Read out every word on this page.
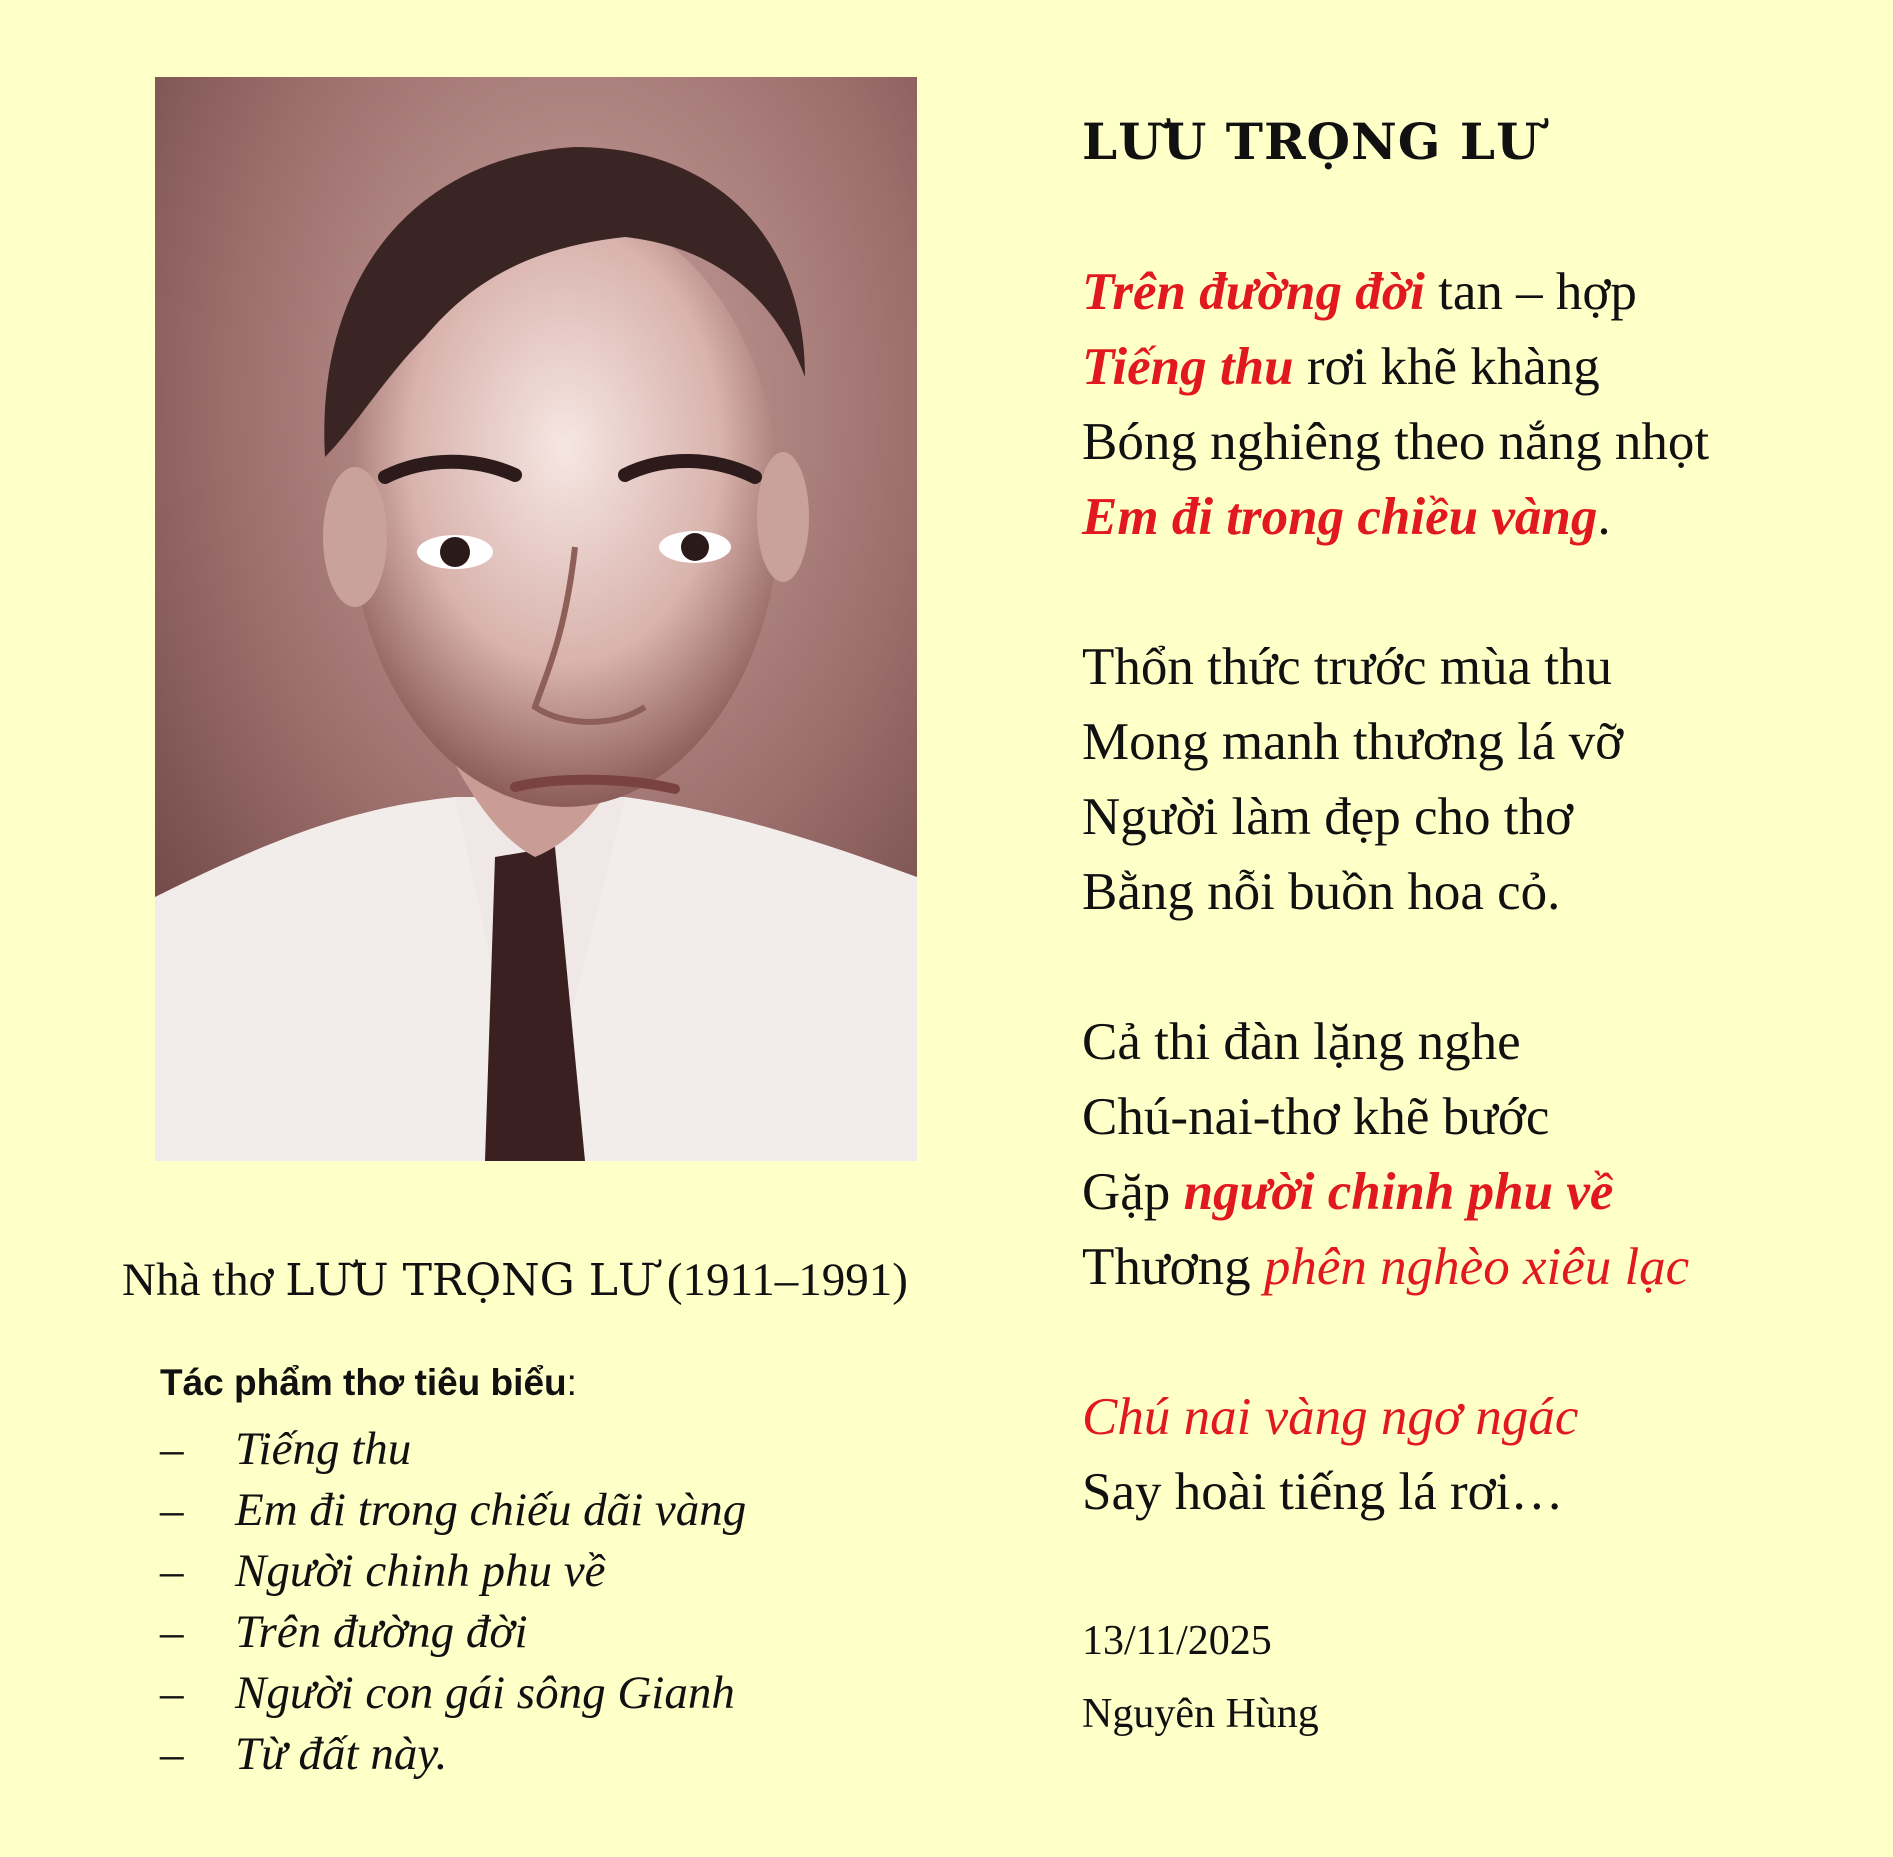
Nhà thơ LƯU TRỌNG LƯ (1911–1991)
Tác phẩm thơ tiêu biểu:
–	Tiếng thu
–	Em đi trong chiếu dãi vàng
–	Người chinh phu về
–	Trên đường đời
–	Người con gái sông Gianh
–	Từ đất này.
LƯU TRỌNG LƯ
Trên đường đời tan – hợp
Tiếng thu rơi khẽ khàng
Bóng nghiêng theo nắng nhọt
Em đi trong chiều vàng.
Thổn thức trước mùa thu
Mong manh thương lá vỡ
Người làm đẹp cho thơ
Bằng nỗi buồn hoa cỏ.
Cả thi đàn lặng nghe
Chú-nai-thơ khẽ bước
Gặp người chinh phu về
Thương phên nghèo xiêu lạc
Chú nai vàng ngơ ngác
Say hoài tiếng lá rơi…
13/11/2025
Nguyên Hùng
